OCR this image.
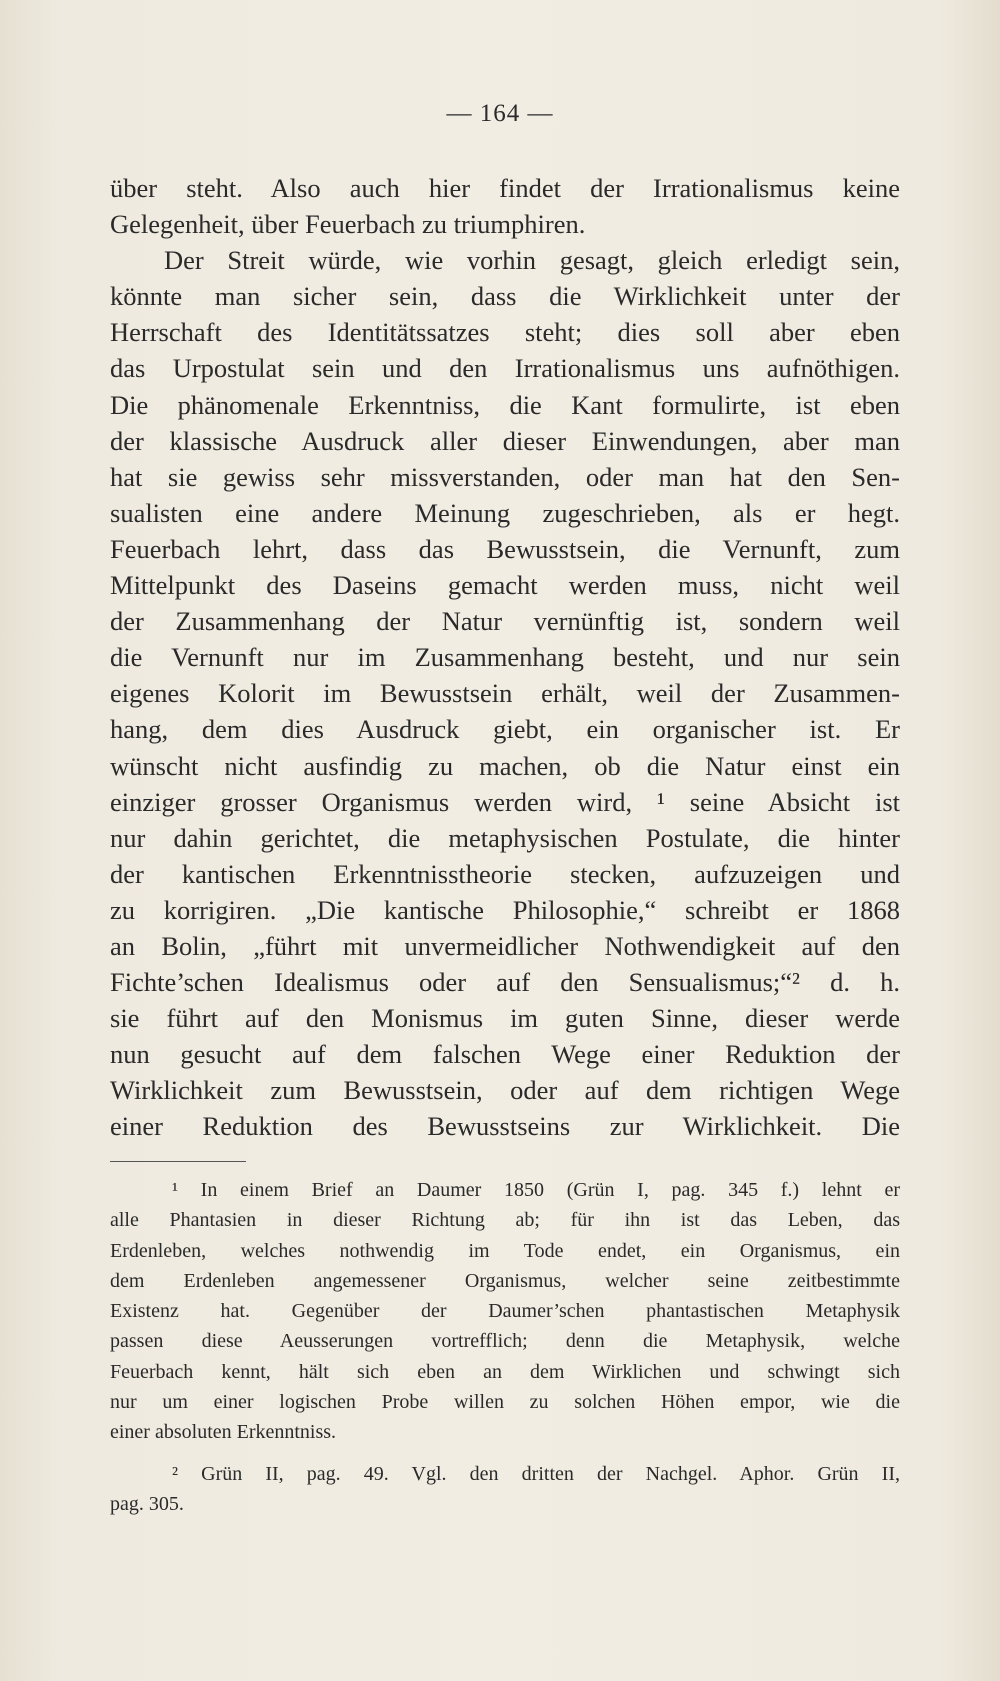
— 164 —
über steht. Also auch hier findet der Irrationalismus keine
Gelegenheit, über Feuerbach zu triumphiren.
Der Streit würde, wie vorhin gesagt, gleich erledigt sein,
könnte man sicher sein, dass die Wirklichkeit unter der
Herrschaft des Identitätssatzes steht; dies soll aber eben
das Urpostulat sein und den Irrationalismus uns aufnöthigen.
Die phänomenale Erkenntniss, die Kant formulirte, ist eben
der klassische Ausdruck aller dieser Einwendungen, aber man
hat sie gewiss sehr missverstanden, oder man hat den Sen-
sualisten eine andere Meinung zugeschrieben, als er hegt.
Feuerbach lehrt, dass das Bewusstsein, die Vernunft, zum
Mittelpunkt des Daseins gemacht werden muss, nicht weil
der Zusammenhang der Natur vernünftig ist, sondern weil
die Vernunft nur im Zusammenhang besteht, und nur sein
eigenes Kolorit im Bewusstsein erhält, weil der Zusammen-
hang, dem dies Ausdruck giebt, ein organischer ist. Er
wünscht nicht ausfindig zu machen, ob die Natur einst ein
einziger grosser Organismus werden wird, ¹ seine Absicht ist
nur dahin gerichtet, die metaphysischen Postulate, die hinter
der kantischen Erkenntnisstheorie stecken, aufzuzeigen und
zu korrigiren. „Die kantische Philosophie,“ schreibt er 1868
an Bolin, „führt mit unvermeidlicher Nothwendigkeit auf den
Fichte’schen Idealismus oder auf den Sensualismus;“² d. h.
sie führt auf den Monismus im guten Sinne, dieser werde
nun gesucht auf dem falschen Wege einer Reduktion der
Wirklichkeit zum Bewusstsein, oder auf dem richtigen Wege
einer Reduktion des Bewusstseins zur Wirklichkeit. Die
¹ In einem Brief an Daumer 1850 (Grün I, pag. 345 f.) lehnt er
alle Phantasien in dieser Richtung ab; für ihn ist das Leben, das
Erdenleben, welches nothwendig im Tode endet, ein Organismus, ein
dem Erdenleben angemessener Organismus, welcher seine zeitbestimmte
Existenz hat. Gegenüber der Daumer’schen phantastischen Metaphysik
passen diese Aeusserungen vortrefflich; denn die Metaphysik, welche
Feuerbach kennt, hält sich eben an dem Wirklichen und schwingt sich
nur um einer logischen Probe willen zu solchen Höhen empor, wie die
einer absoluten Erkenntniss.
² Grün II, pag. 49. Vgl. den dritten der Nachgel. Aphor. Grün II,
pag. 305.
